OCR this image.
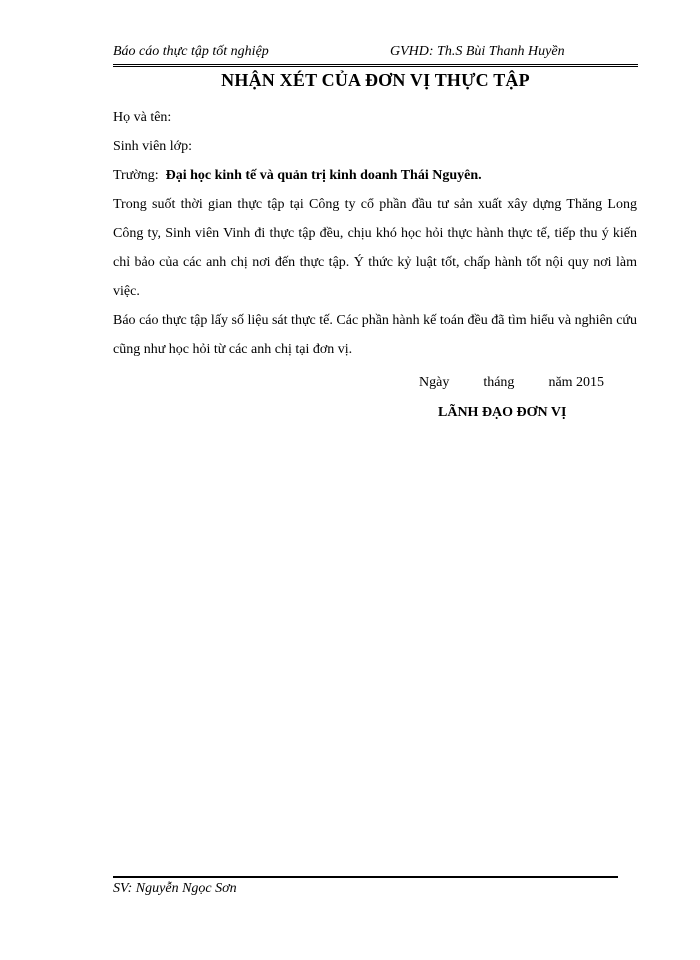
Báo cáo thực tập tốt nghiệp	GVHD: Th.S Bùi Thanh Huyền
NHẬN XÉT CỦA ĐƠN VỊ THỰC TẬP

Họ và tên:

Sinh viên lớp:

Trường: Đại học kinh tế và quản trị kinh doanh Thái Nguyên.

Trong suốt thời gian thực tập tại Công ty cổ phần đầu tư sản xuất xây dựng Thăng Long Công ty, Sinh viên Vinh đi thực tập đều, chịu khó học hỏi thực hành thực tế, tiếp thu ý kiến chỉ bảo của các anh chị nơi đến thực tập. Ý thức kỷ luật tốt, chấp hành tốt nội quy nơi làm việc.

Báo cáo thực tập lấy số liệu sát thực tế. Các phần hành kế toán đều đã tìm hiểu và nghiên cứu cũng như học hỏi từ các anh chị tại đơn vị.

Ngày tháng năm 2015
LÃNH ĐẠO ĐƠN VỊ
SV: Nguyễn Ngọc Sơn
